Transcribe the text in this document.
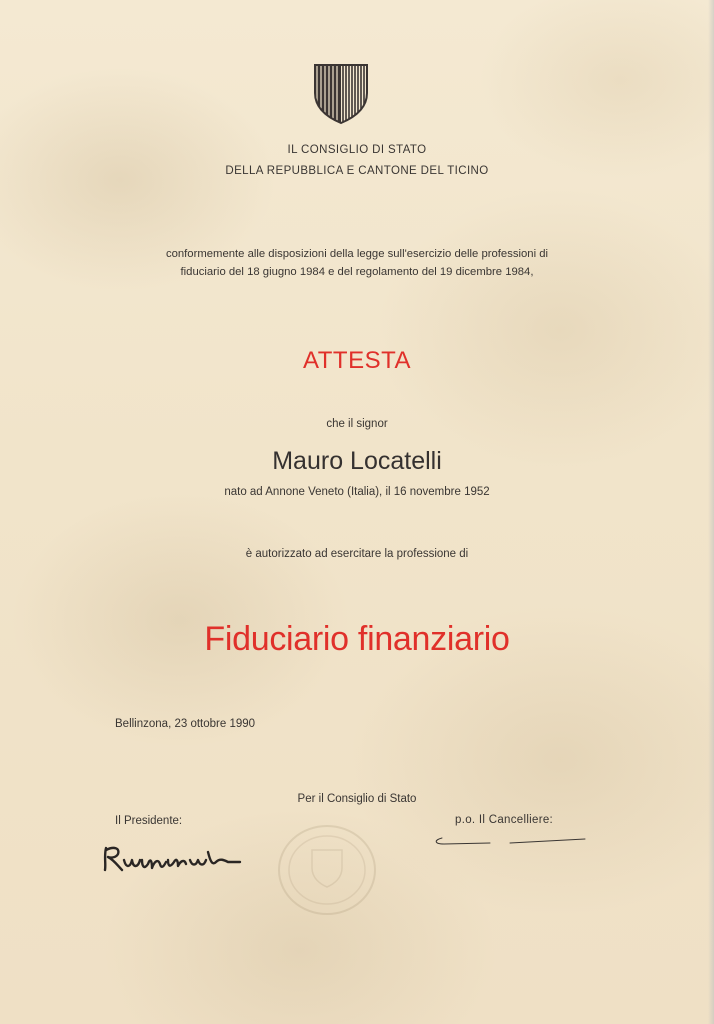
IL CONSIGLIO DI STATO
DELLA REPUBBLICA E CANTONE DEL TICINO
conformemente alle disposizioni della legge sull'esercizio delle professioni di
fiduciario del 18 giugno 1984 e del regolamento del 19 dicembre 1984,
ATTESTA
che il signor
Mauro Locatelli
nato ad Annone Veneto (Italia), il 16 novembre 1952
è autorizzato ad esercitare la professione di
Fiduciario finanziario
Bellinzona, 23 ottobre 1990
Per il Consiglio di Stato
Il Presidente:	p.o. Il Cancelliere:
